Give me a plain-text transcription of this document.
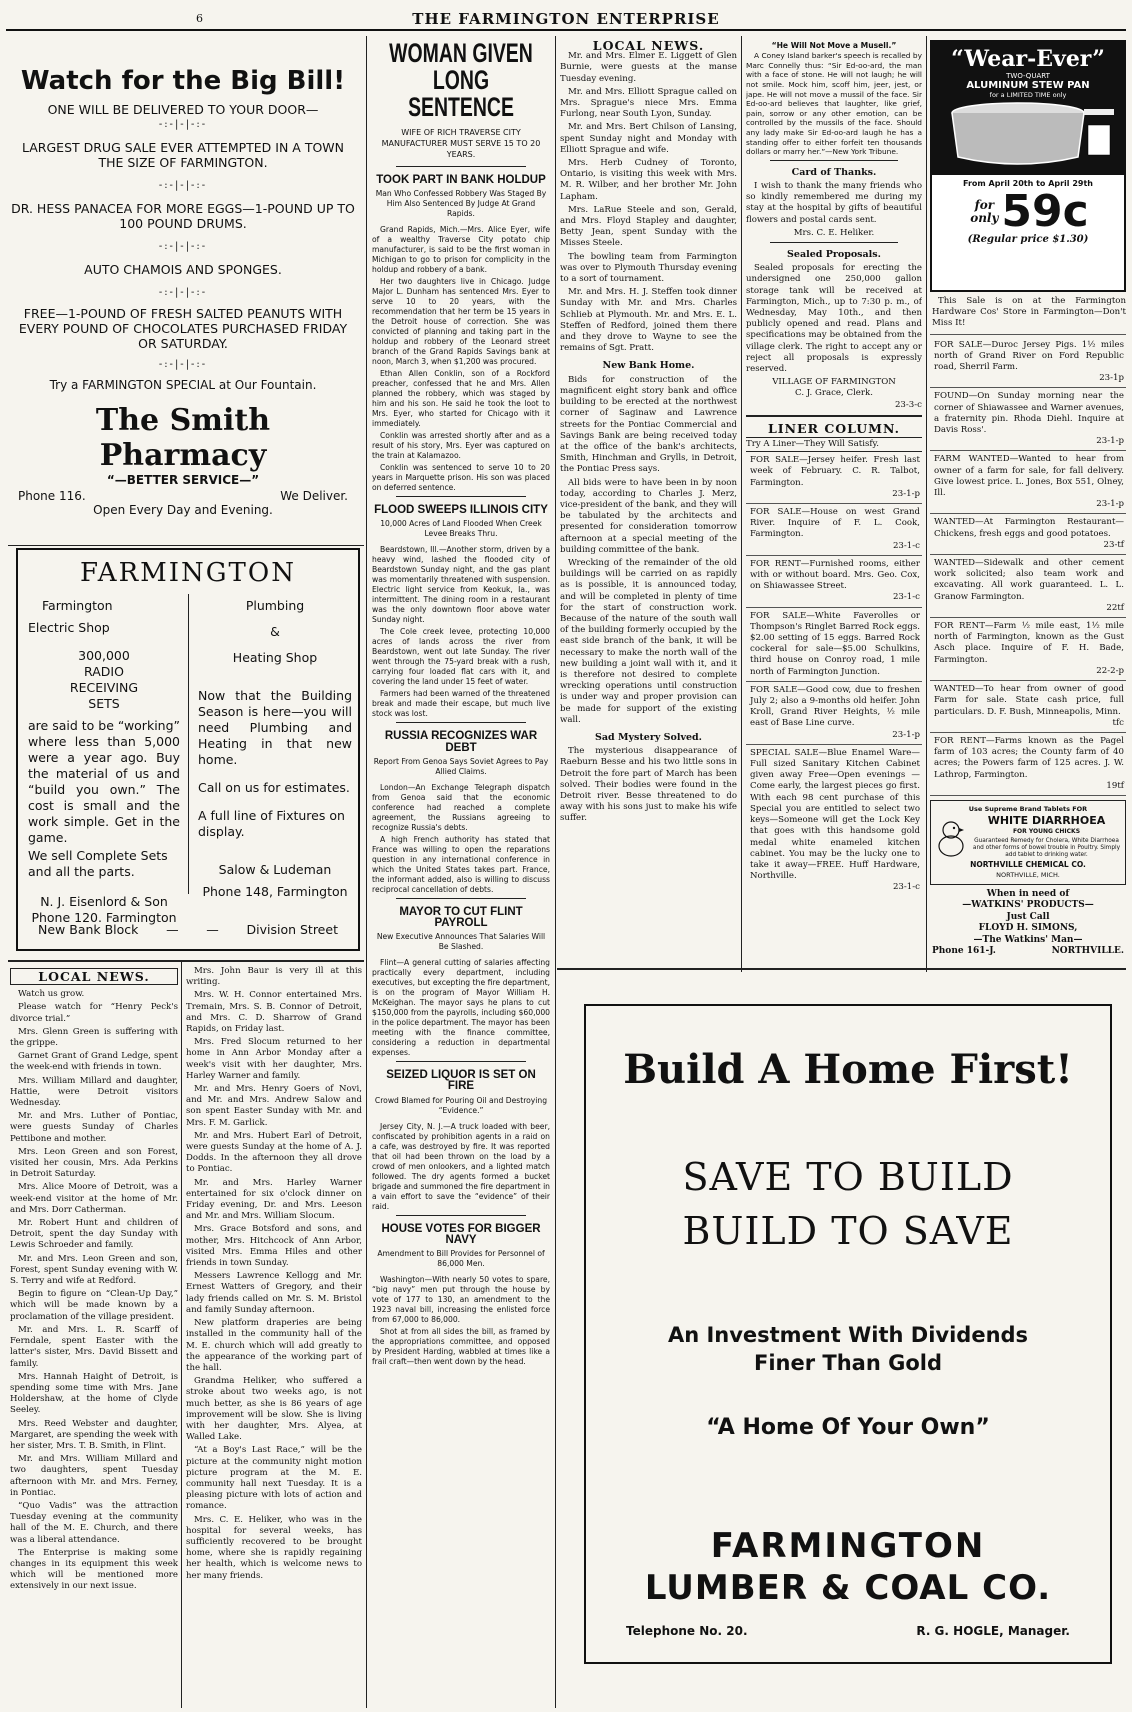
6	THE FARMINGTON ENTERPRISE
Watch for the Big Bill!
ONE WILL BE DELIVERED TO YOUR DOOR—
-:-|-|-:-
LARGEST DRUG SALE EVER ATTEMPTED IN A TOWN THE SIZE OF FARMINGTON.
-:-|-|-:-
DR. HESS PANACEA FOR MORE EGGS—1-POUND UP TO 100 POUND DRUMS.
-:-|-|-:-
AUTO CHAMOIS AND SPONGES.
-:-|-|-:-
FREE—1-POUND OF FRESH SALTED PEANUTS WITH EVERY POUND OF CHOCOLATES PURCHASED FRIDAY OR SATURDAY.
-:-|-|-:-
Try a FARMINGTON SPECIAL at Our Fountain.
The Smith Pharmacy
“—BETTER SERVICE—”
Phone 116.	We Deliver.
Open Every Day and Evening.
FARMINGTON
Farmington
Electric Shop
300,000
RADIO
RECEIVING
SETS
are said to be “working” where less than 5,000 were a year ago. Buy the material of us and “build you own.” The cost is small and the work simple. Get in the game.
We sell Complete Sets and all the parts.
N. J. Eisenlord & Son
Phone 120. Farmington
Plumbing
&
Heating Shop
Now that the Building Season is here—you will need Plumbing and Heating in that new home.
Call on us for estimates.
A full line of Fixtures on display.
Salow & Ludeman
Phone 148, Farmington
New Bank Block — — Division Street
WOMAN GIVEN
LONG SENTENCE
WIFE OF RICH TRAVERSE CITY MANUFACTURER MUST SERVE 15 TO 20 YEARS.
TOOK PART IN BANK HOLDUP
Man Who Confessed Robbery Was Staged By Him Also Sentenced By Judge At Grand Rapids.

Grand Rapids, Mich.—Mrs. Alice Eyer, wife of a wealthy Traverse City potato chip manufacturer, is said to be the first woman in Michigan to go to prison for complicity in the holdup and robbery of a bank.

Her two daughters live in Chicago. Judge Major L. Dunham has sentenced Mrs. Eyer to serve 10 to 20 years, with the recommendation that her term be 15 years in the Detroit house of correction. She was convicted of planning and taking part in the holdup and robbery of the Leonard street branch of the Grand Rapids Savings bank at noon, March 3, when $1,200 was procured.

Ethan Allen Conklin, son of a Rockford preacher, confessed that he and Mrs. Allen planned the robbery, which was staged by him and his son. He said he took the loot to Mrs. Eyer, who started for Chicago with it immediately.

Conklin was arrested shortly after and as a result of his story, Mrs. Eyer was captured on the train at Kalamazoo.

Conklin was sentenced to serve 10 to 20 years in Marquette prison. His son was placed on deferred sentence.

FLOOD SWEEPS ILLINOIS CITY
10,000 Acres of Land Flooded When Creek Levee Breaks Thru.

Beardstown, Ill.—Another storm, driven by a heavy wind, lashed the flooded city of Beardstown Sunday night, and the gas plant was momentarily threatened with suspension. Electric light service from Keokuk, Ia., was intermittent. The dining room in a restaurant was the only downtown floor above water Sunday night.

The Cole creek levee, protecting 10,000 acres of lands across the river from Beardstown, went out late Sunday. The river went through the 75-yard break with a rush, carrying four loaded flat cars with it, and covering the land under 15 feet of water.

Farmers had been warned of the threatened break and made their escape, but much live stock was lost.

RUSSIA RECOGNIZES WAR DEBT
Report From Genoa Says Soviet Agrees to Pay Allied Claims.

London—An Exchange Telegraph dispatch from Genoa said that the economic conference had reached a complete agreement, the Russians agreeing to recognize Russia's debts.

A high French authority has stated that France was willing to open the reparations question in any international conference in which the United States takes part. France, the informant added, also is willing to discuss reciprocal cancellation of debts.

MAYOR TO CUT FLINT PAYROLL
New Executive Announces That Salaries Will Be Slashed.

Flint—A general cutting of salaries affecting practically every department, including executives, but excepting the fire department, is on the program of Mayor William H. McKeighan. The mayor says he plans to cut $150,000 from the payrolls, including $60,000 in the police department. The mayor has been meeting with the finance committee, considering a reduction in departmental expenses.

SEIZED LIQUOR IS SET ON FIRE
Crowd Blamed for Pouring Oil and Destroying “Evidence.”

Jersey City, N. J.—A truck loaded with beer, confiscated by prohibition agents in a raid on a cafe, was destroyed by fire. It was reported that oil had been thrown on the load by a crowd of men onlookers, and a lighted match followed. The dry agents formed a bucket brigade and summoned the fire department in a vain effort to save the “evidence” of their raid.

HOUSE VOTES FOR BIGGER NAVY
Amendment to Bill Provides for Personnel of 86,000 Men.

Washington—With nearly 50 votes to spare, “big navy” men put through the house by vote of 177 to 130, an amendment to the 1923 naval bill, increasing the enlisted force from 67,000 to 86,000.

Shot at from all sides the bill, as framed by the appropriations committee, and opposed by President Harding, wabbled at times like a frail craft—then went down by the head.

LOCAL NEWS.

Mr. and Mrs. Elmer E. Liggett of Glen Burnie, were guests at the manse Tuesday evening.

Mr. and Mrs. Elliott Sprague called on Mrs. Sprague's niece Mrs. Emma Furlong, near South Lyon, Sunday.

Mr. and Mrs. Bert Chilson of Lansing, spent Sunday night and Monday with Elliott Sprague and wife.

Mrs. Herb Cudney of Toronto, Ontario, is visiting this week with Mrs. M. R. Wilber, and her brother Mr. John Lapham.

Mrs. LaRue Steele and son, Gerald, and Mrs. Floyd Stapley and daughter, Betty Jean, spent Sunday with the Misses Steele.

The bowling team from Farmington was over to Plymouth Thursday evening to a sort of tournament.

Mr. and Mrs. H. J. Steffen took dinner Sunday with Mr. and Mrs. Charles Schlieb at Plymouth. Mr. and Mrs. E. L. Steffen of Redford, joined them there and they drove to Wayne to see the remains of Sgt. Pratt.

New Bank Home.

Bids for construction of the magnificent eight story bank and office building to be erected at the northwest corner of Saginaw and Lawrence streets for the Pontiac Commercial and Savings Bank are being received today at the office of the bank's architects, Smith, Hinchman and Grylls, in Detroit, the Pontiac Press says.

All bids were to have been in by noon today, according to Charles J. Merz, vice-president of the bank, and they will be tabulated by the architects and presented for consideration tomorrow afternoon at a special meeting of the building committee of the bank.

Wrecking of the remainder of the old buildings will be carried on as rapidly as is possible, it is announced today, and will be completed in plenty of time for the start of construction work. Because of the nature of the south wall of the building formerly occupied by the east side branch of the bank, it will be necessary to make the north wall of the new building a joint wall with it, and it is therefore not desired to complete wrecking operations until construction is under way and proper provision can be made for support of the existing wall.

Sad Mystery Solved.

The mysterious disappearance of Raeburn Besse and his two little sons in Detroit the fore part of March has been solved. Their bodies were found in the Detroit river. Besse threatened to do away with his sons just to make his wife suffer.

“He Will Not Move a Musell.”

A Coney Island barker's speech is recalled by Marc Connelly thus: “Sir Ed-oo-ard, the man with a face of stone. He will not laugh; he will not smile. Mock him, scoff him, jeer, jest, or jape. He will not move a mussil of the face. Sir Ed-oo-ard believes that laughter, like grief, pain, sorrow or any other emotion, can be controlled by the mussils of the face. Should any lady make Sir Ed-oo-ard laugh he has a standing offer to either forfeit ten thousands dollars or marry her.”—New York Tribune.

Card of Thanks.

I wish to thank the many friends who so kindly remembered me during my stay at the hospital by gifts of beautiful flowers and postal cards sent.

Mrs. C. E. Heliker.
Sealed Proposals.

Sealed proposals for erecting the undersigned one 250,000 gallon storage tank will be received at Farmington, Mich., up to 7:30 p. m., of Wednesday, May 10th., and then publicly opened and read. Plans and specifications may be obtained from the village clerk. The right to accept any or reject all proposals is expressly reserved.

VILLAGE OF FARMINGTON
C. J. Grace, Clerk.
23-3-c
LINER COLUMN.
Try A Liner—They Will Satisfy.

FOR SALE—Jersey heifer. Fresh last week of February. C. R. Talbot, Farmington.

23-1-p

FOR SALE—House on west Grand River. Inquire of F. L. Cook, Farmington.

23-1-c

FOR RENT—Furnished rooms, either with or without board. Mrs. Geo. Cox, on Shiawassee Street.

23-1-c

FOR SALE—White Faverolles or Thompson's Ringlet Barred Rock eggs. $2.00 setting of 15 eggs. Barred Rock cockeral for sale—$5.00 Schulkins, third house on Conroy road, 1 mile north of Farmington Junction.

FOR SALE—Good cow, due to freshen July 2; also a 9-months old heifer. John Kroll, Grand River Heights, ½ mile east of Base Line curve.

23-1-p

SPECIAL SALE—Blue Enamel Ware—Full sized Sanitary Kitchen Cabinet given away Free—Open evenings — Come early, the largest pieces go first. With each 98 cent purchase of this Special you are entitled to select two keys—Someone will get the Lock Key that goes with this handsome gold medal white enameled kitchen cabinet. You may be the lucky one to take it away—FREE. Huff Hardware, Northville.

23-1-c
“Wear-Ever”
TWO-QUART
ALUMINUM STEW PAN
for a LIMITED TIME only
From April 20th to April 29th
for only 59c
(Regular price $1.30)

This Sale is on at the Farmington Hardware Cos' Store in Farmington—Don't Miss It!

FOR SALE—Duroc Jersey Pigs. 1½ miles north of Grand River on Ford Republic road, Sherril Farm.

23-1p

FOUND—On Sunday morning near the corner of Shiawassee and Warner avenues, a fraternity pin. Rhoda Diehl. Inquire at Davis Ross'.

23-1-p

FARM WANTED—Wanted to hear from owner of a farm for sale, for fall delivery. Give lowest price. L. Jones, Box 551, Olney, Ill.

23-1-p

WANTED—At Farmington Restaurant—Chickens, fresh eggs and good potatoes.

23-tf

WANTED—Sidewalk and other cement work solicited; also team work and excavating. All work guaranteed. L. L. Granow Farmington.

22tf

FOR RENT—Farm ½ mile east, 1½ mile north of Farmington, known as the Gust Asch place. Inquire of F. H. Bade, Farmington.

22-2-p

WANTED—To hear from owner of good Farm for sale. State cash price, full particulars. D. F. Bush, Minneapolis, Minn.

tfc

FOR RENT—Farms known as the Pagel farm of 103 acres; the County farm of 40 acres; the Powers farm of 125 acres. J. W. Lathrop, Farmington.

19tf
Use Supreme Brand Tablets FOR
WHITE DIARRHOEA
FOR YOUNG CHICKS
Guaranteed Remedy for Cholera, White Diarrhoea and other forms of bowel trouble in Poultry. Simply add tablet to drinking water.
NORTHVILLE CHEMICAL CO.
NORTHVILLE, MICH.
When in need of
—WATKINS' PRODUCTS—
Just Call
FLOYD H. SIMONS,
—The Watkins' Man—
Phone 161-J.	NORTHVILLE.
LOCAL NEWS.

Watch us grow.

Please watch for “Henry Peck's divorce trial.”

Mrs. Glenn Green is suffering with the grippe.

Garnet Grant of Grand Ledge, spent the week-end with friends in town.

Mrs. William Millard and daughter, Hattie, were Detroit visitors Wednesday.

Mr. and Mrs. Luther of Pontiac, were guests Sunday of Charles Pettibone and mother.

Mrs. Leon Green and son Forest, visited her cousin, Mrs. Ada Perkins in Detroit Saturday.

Mrs. Alice Moore of Detroit, was a week-end visitor at the home of Mr. and Mrs. Dorr Catherman.

Mr. Robert Hunt and children of Detroit, spent the day Sunday with Lewis Schroeder and family.

Mr. and Mrs. Leon Green and son, Forest, spent Sunday evening with W. S. Terry and wife at Redford.

Begin to figure on “Clean-Up Day,” which will be made known by a proclamation of the village president.

Mr. and Mrs. L. R. Scarff of Ferndale, spent Easter with the latter's sister, Mrs. David Bissett and family.

Mrs. Hannah Haight of Detroit, is spending some time with Mrs. Jane Holdershaw, at the home of Clyde Seeley.

Mrs. Reed Webster and daughter, Margaret, are spending the week with her sister, Mrs. T. B. Smith, in Flint.

Mr. and Mrs. William Millard and two daughters, spent Tuesday afternoon with Mr. and Mrs. Ferney, in Pontiac.

“Quo Vadis” was the attraction Tuesday evening at the community hall of the M. E. Church, and there was a liberal attendance.

The Enterprise is making some changes in its equipment this week which will be mentioned more extensively in our next issue.

Mrs. John Baur is very ill at this writing.

Mrs. W. H. Connor entertained Mrs. Tremain, Mrs. S. B. Connor of Detroit, and Mrs. C. D. Sharrow of Grand Rapids, on Friday last.

Mrs. Fred Slocum returned to her home in Ann Arbor Monday after a week's visit with her daughter, Mrs. Harley Warner and family.

Mr. and Mrs. Henry Goers of Novi, and Mr. and Mrs. Andrew Salow and son spent Easter Sunday with Mr. and Mrs. F. M. Garlick.

Mr. and Mrs. Hubert Earl of Detroit, were guests Sunday at the home of A. J. Dodds. In the afternoon they all drove to Pontiac.

Mr. and Mrs. Harley Warner entertained for six o'clock dinner on Friday evening, Dr. and Mrs. Leeson and Mr. and Mrs. William Slocum.

Mrs. Grace Botsford and sons, and mother, Mrs. Hitchcock of Ann Arbor, visited Mrs. Emma Hiles and other friends in town Sunday.

Messers Lawrence Kellogg and Mr. Ernest Watters of Gregory, and their lady friends called on Mr. S. M. Bristol and family Sunday afternoon.

New platform draperies are being installed in the community hall of the M. E. church which will add greatly to the appearance of the working part of the hall.

Grandma Heliker, who suffered a stroke about two weeks ago, is not much better, as she is 86 years of age improvement will be slow. She is living with her daughter, Mrs. Alyea, at Walled Lake.

“At a Boy's Last Race,” will be the picture at the community night motion picture program at the M. E. community hall next Tuesday. It is a pleasing picture with lots of action and romance.

Mrs. C. E. Heliker, who was in the hospital for several weeks, has sufficiently recovered to be brought home, where she is rapidly regaining her health, which is welcome news to her many friends.

Build A Home First!
SAVE TO BUILD
BUILD TO SAVE
An Investment With Dividends
Finer Than Gold
“A Home Of Your Own”
FARMINGTON
LUMBER & COAL CO.
Telephone No. 20.	R. G. HOGLE, Manager.
